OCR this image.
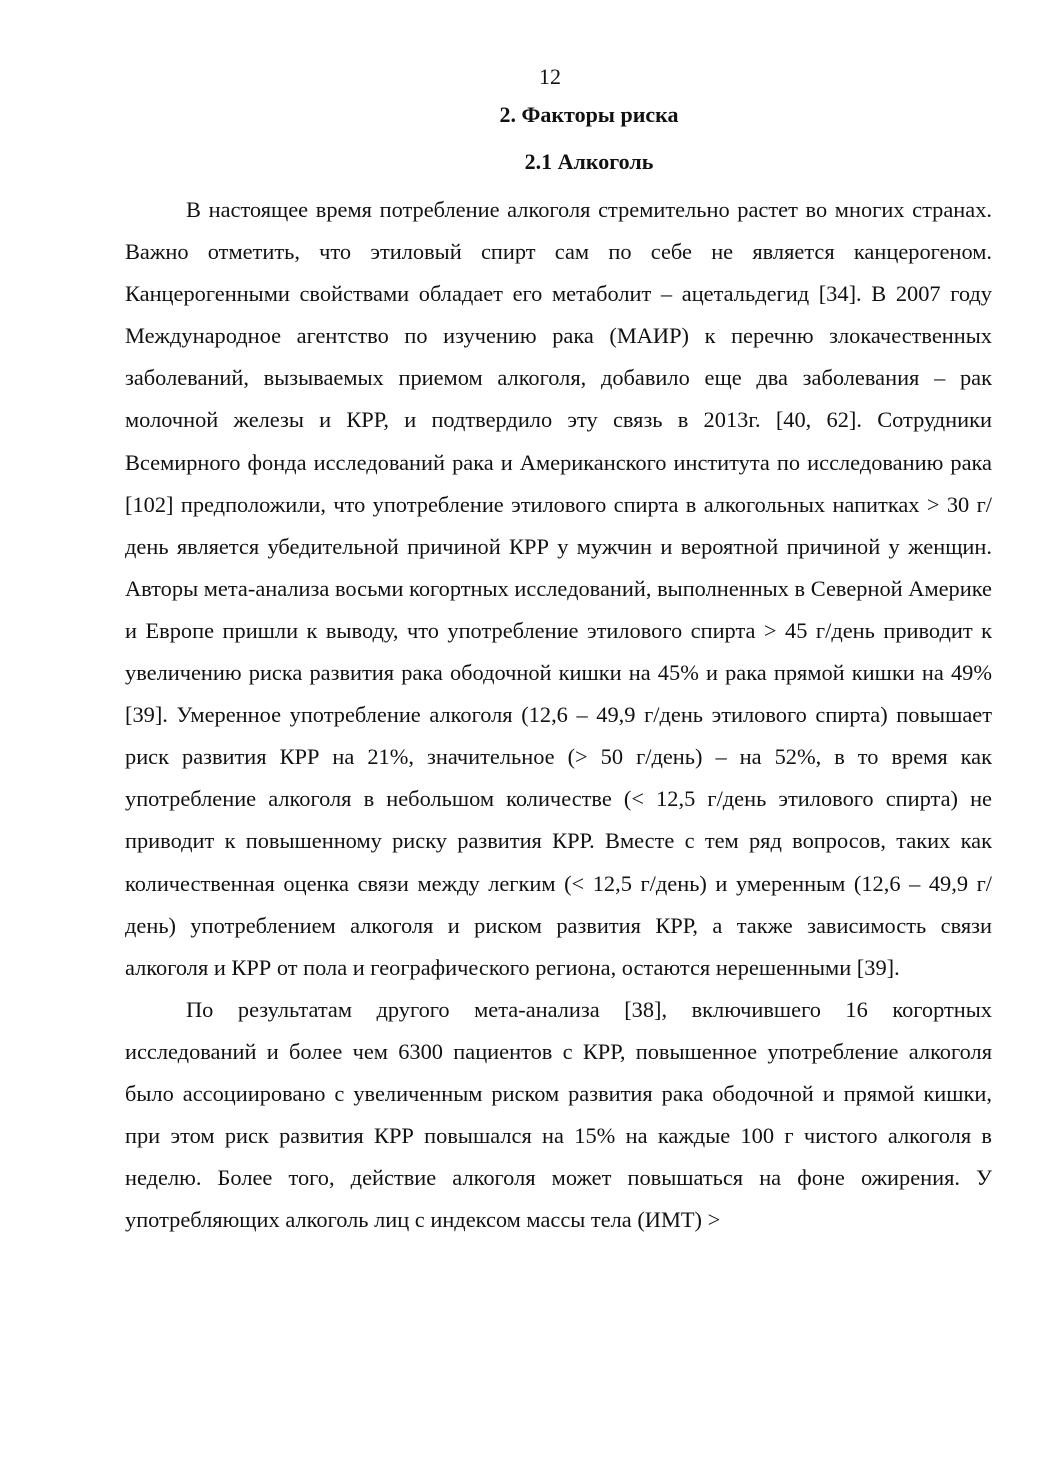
12
2. Факторы риска
2.1 Алкоголь

В настоящее время потребление алкоголя стремительно растет во многих странах. Важно отметить, что этиловый спирт сам по себе не является канцерогеном. Канцерогенными свойствами обладает его метаболит – ацетальдегид [34]. В 2007 году Международное агентство по изучению рака (МАИР) к перечню злокачественных заболеваний, вызываемых приемом алкоголя, добавило еще два заболевания – рак молочной железы и КРР, и подтвердило эту связь в 2013г. [40, 62]. Сотрудники Всемирного фонда исследований рака и Американского института по исследованию рака [102] предположили, что употребление этилового спирта в алкогольных напитках > 30 г/день является убедительной причиной КРР у мужчин и вероятной причиной у женщин. Авторы мета-анализа восьми когортных исследований, выполненных в Северной Америке и Европе пришли к выводу, что употребление этилового спирта > 45 г/день приводит к увеличению риска развития рака ободочной кишки на 45% и рака прямой кишки на 49% [39]. Умеренное употребление алкоголя (12,6 – 49,9 г/день этилового спирта) повышает риск развития КРР на 21%, значительное (> 50 г/день) – на 52%, в то время как употребление алкоголя в небольшом количестве (< 12,5 г/день этилового спирта) не приводит к повышенному риску развития КРР. Вместе с тем ряд вопросов, таких как количественная оценка связи между легким (< 12,5 г/день) и умеренным (12,6 – 49,9 г/день) употреблением алкоголя и риском развития КРР, а также зависимость связи алкоголя и КРР от пола и географического региона, остаются нерешенными [39].

По результатам другого мета-анализа [38], включившего 16 когортных исследований и более чем 6300 пациентов с КРР, повышенное употребление алкоголя было ассоциировано с увеличенным риском развития рака ободочной и прямой кишки, при этом риск развития КРР повышался на 15% на каждые 100 г чистого алкоголя в неделю. Более того, действие алкоголя может повышаться на фоне ожирения. У употребляющих алкоголь лиц с индексом массы тела (ИМТ) >
